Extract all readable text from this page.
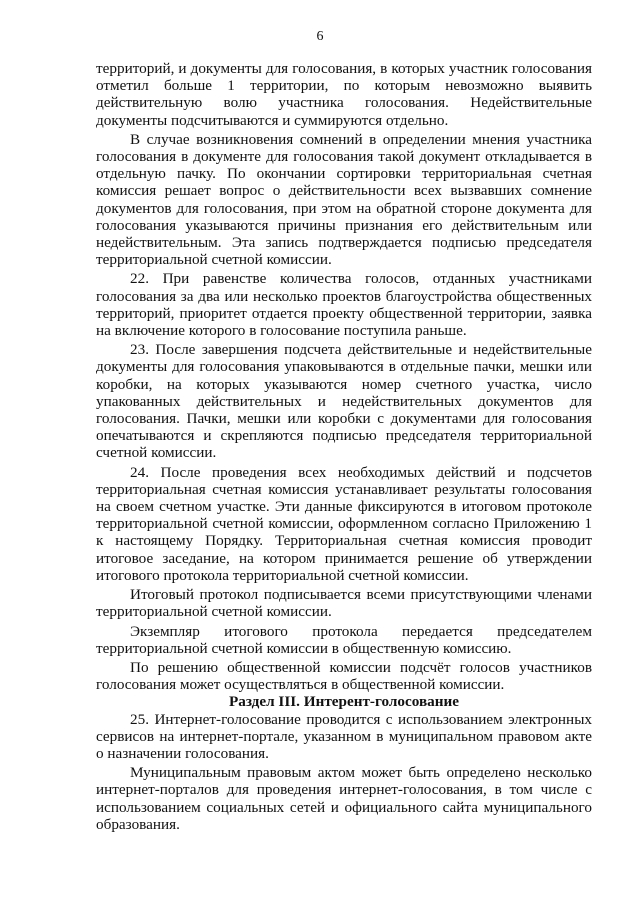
6

территорий, и документы для голосования, в которых участник голосования отметил больше 1 территории, по которым невозможно выявить действительную волю участника голосования. Недействительные документы подсчитываются и суммируются отдельно.

В случае возникновения сомнений в определении мнения участника голосования в документе для голосования такой документ откладывается в отдельную пачку. По окончании сортировки территориальная счетная комиссия решает вопрос о действительности всех вызвавших сомнение документов для голосования, при этом на обратной стороне документа для голосования указываются причины признания его действительным или недействительным. Эта запись подтверждается подписью председателя территориальной счетной комиссии.

22. При равенстве количества голосов, отданных участниками голосования за два или несколько проектов благоустройства общественных территорий, приоритет отдается проекту общественной территории, заявка на включение которого в голосование поступила раньше.

23. После завершения подсчета действительные и недействительные документы для голосования упаковываются в отдельные пачки, мешки или коробки, на которых указываются номер счетного участка, число упакованных действительных и недействительных документов для голосования. Пачки, мешки или коробки с документами для голосования опечатываются и скрепляются подписью председателя территориальной счетной комиссии.

24. После проведения всех необходимых действий и подсчетов территориальная счетная комиссия устанавливает результаты голосования на своем счетном участке. Эти данные фиксируются в итоговом протоколе территориальной счетной комиссии, оформленном согласно Приложению 1 к настоящему Порядку. Территориальная счетная комиссия проводит итоговое заседание, на котором принимается решение об утверждении итогового протокола территориальной счетной комиссии.

Итоговый протокол подписывается всеми присутствующими членами территориальной счетной комиссии.

Экземпляр итогового протокола передается председателем территориальной счетной комиссии в общественную комиссию.

По решению общественной комиссии подсчёт голосов участников голосования может осуществляться в общественной комиссии.

Раздел III. Интерент-голосование

25. Интернет-голосование проводится с использованием электронных сервисов на интернет-портале, указанном в муниципальном правовом акте о назначении голосования.

Муниципальным правовым актом может быть определено несколько интернет-порталов для проведения интернет-голосования, в том числе с использованием социальных сетей и официального сайта муниципального образования.
